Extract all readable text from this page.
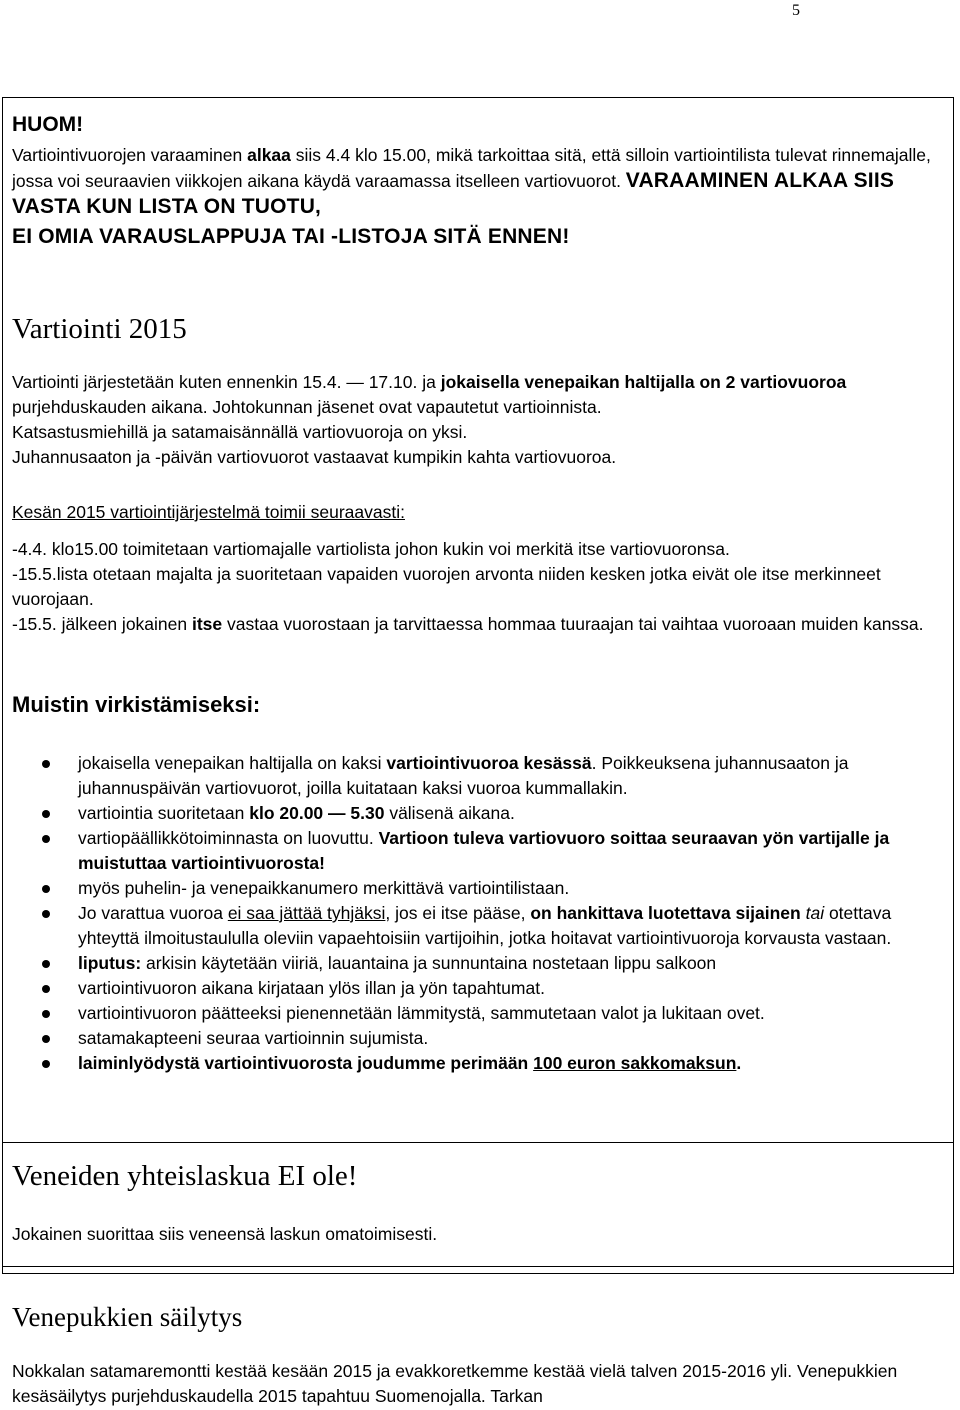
5
HUOM!
Vartiointivuorojen varaaminen alkaa siis 4.4 klo 15.00, mikä tarkoittaa sitä, että silloin vartiointilista tulevat rinnemajalle, jossa voi seuraavien viikkojen aikana käydä varaamassa itselleen vartiovuorot. VARAAMINEN ALKAA SIIS VASTA KUN LISTA ON TUOTU,
EI OMIA VARAUSLAPPUJA TAI -LISTOJA SITÄ ENNEN!
Vartiointi 2015
Vartiointi järjestetään kuten ennenkin 15.4. — 17.10. ja jokaisella venepaikan haltijalla on 2 vartiovuoroa purjehduskauden aikana. Johtokunnan jäsenet ovat vapautetut vartioinnista.
Katsastusmiehillä ja satamaisännällä vartiovuoroja on yksi.
Juhannusaaton ja -päivän vartiovuorot vastaavat kumpikin kahta vartiovuoroa.
Kesän 2015 vartiointijärjestelmä toimii seuraavasti:
-4.4. klo15.00 toimitetaan vartiomajalle vartiolista johon kukin voi merkitä itse vartiovuoronsa.
-15.5.lista otetaan majalta ja suoritetaan vapaiden vuorojen arvonta niiden kesken jotka eivät ole itse merkinneet vuorojaan.
-15.5. jälkeen jokainen itse vastaa vuorostaan ja tarvittaessa hommaa tuuraajan tai vaihtaa vuoroaan muiden kanssa.
Muistin virkistämiseksi:
jokaisella venepaikan haltijalla on kaksi vartiointivuoroa kesässä. Poikkeuksena juhannusaaton ja juhannuspäivän vartiovuorot, joilla kuitataan kaksi vuoroa kummallakin.
vartiointia suoritetaan klo 20.00 — 5.30 välisenä aikana.
vartiopäällikkötoiminnasta on luovuttu. Vartioon tuleva vartiovuoro soittaa seuraavan yön vartijalle ja muistuttaa vartiointivuorosta!
myös puhelin- ja venepaikkanumero merkittävä vartiointilistaan.
Jo varattua vuoroa ei saa jättää tyhjäksi, jos ei itse pääse, on hankittava luotettava sijainen tai otettava yhteyttä ilmoitustaululla oleviin vapaehtoisiin vartijoihin, jotka hoitavat vartiointivuoroja korvausta vastaan.
liputus: arkisin käytetään viiriä, lauantaina ja sunnuntaina nostetaan lippu salkoon
vartiointivuoron aikana kirjataan ylös illan ja yön tapahtumat.
vartiointivuoron päätteeksi pienennetään lämmitystä, sammutetaan valot ja lukitaan ovet.
satamakapteeni seuraa vartioinnin sujumista.
laiminlyödystä vartiointivuorosta joudumme perimään 100 euron sakkomaksun.
Veneiden yhteislaskua EI ole!
Jokainen suorittaa siis veneensä laskun omatoimisesti.
Venepukkien säilytys
Nokkalan satamaremontti kestää kesään 2015 ja evakkoretkemme kestää vielä talven 2015-2016 yli. Venepukkien kesäsäilytys purjehduskaudella 2015 tapahtuu Suomenojalla. Tarkan
